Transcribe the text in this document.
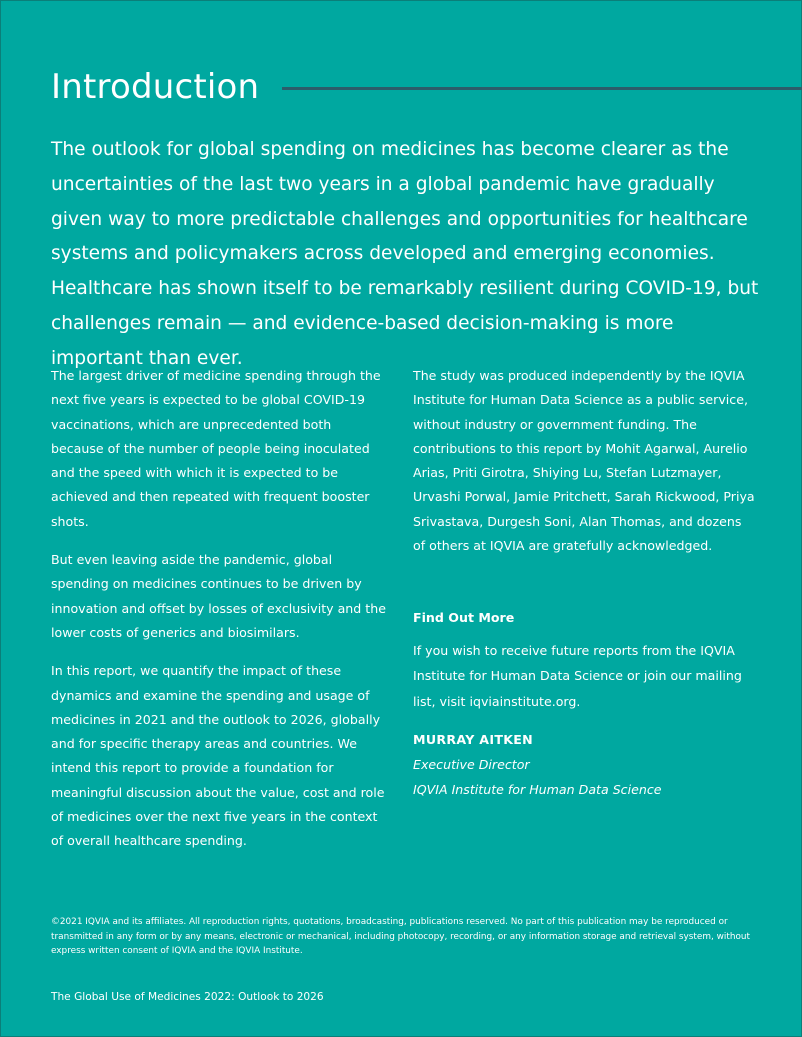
Introduction

The outlook for global spending on medicines has become clearer as the uncertainties of the last two years in a global pandemic have gradually given way to more predictable challenges and opportunities for healthcare systems and policymakers across developed and emerging economies. Healthcare has shown itself to be remarkably resilient during COVID-19, but challenges remain — and evidence-based decision-making is more important than ever.

The largest driver of medicine spending through the next five years is expected to be global COVID-19 vaccinations, which are unprecedented both because of the number of people being inoculated and the speed with which it is expected to be achieved and then repeated with frequent booster shots.

But even leaving aside the pandemic, global spending on medicines continues to be driven by innovation and offset by losses of exclusivity and the lower costs of generics and biosimilars.

In this report, we quantify the impact of these dynamics and examine the spending and usage of medicines in 2021 and the outlook to 2026, globally and for specific therapy areas and countries. We intend this report to provide a foundation for meaningful discussion about the value, cost and role of medicines over the next five years in the context of overall healthcare spending.

The study was produced independently by the IQVIA Institute for Human Data Science as a public service, without industry or government funding. The contributions to this report by Mohit Agarwal, Aurelio Arias, Priti Girotra, Shiying Lu, Stefan Lutzmayer, Urvashi Porwal, Jamie Pritchett, Sarah Rickwood, Priya Srivastava, Durgesh Soni, Alan Thomas, and dozens of others at IQVIA are gratefully acknowledged.

Find Out More

If you wish to receive future reports from the IQVIA Institute for Human Data Science or join our mailing list, visit iqviainstitute.org.

MURRAY AITKEN
Executive Director
IQVIA Institute for Human Data Science

©2021 IQVIA and its affiliates. All reproduction rights, quotations, broadcasting, publications reserved. No part of this publication may be reproduced or transmitted in any form or by any means, electronic or mechanical, including photocopy, recording, or any information storage and retrieval system, without express written consent of IQVIA and the IQVIA Institute.

The Global Use of Medicines 2022: Outlook to 2026
